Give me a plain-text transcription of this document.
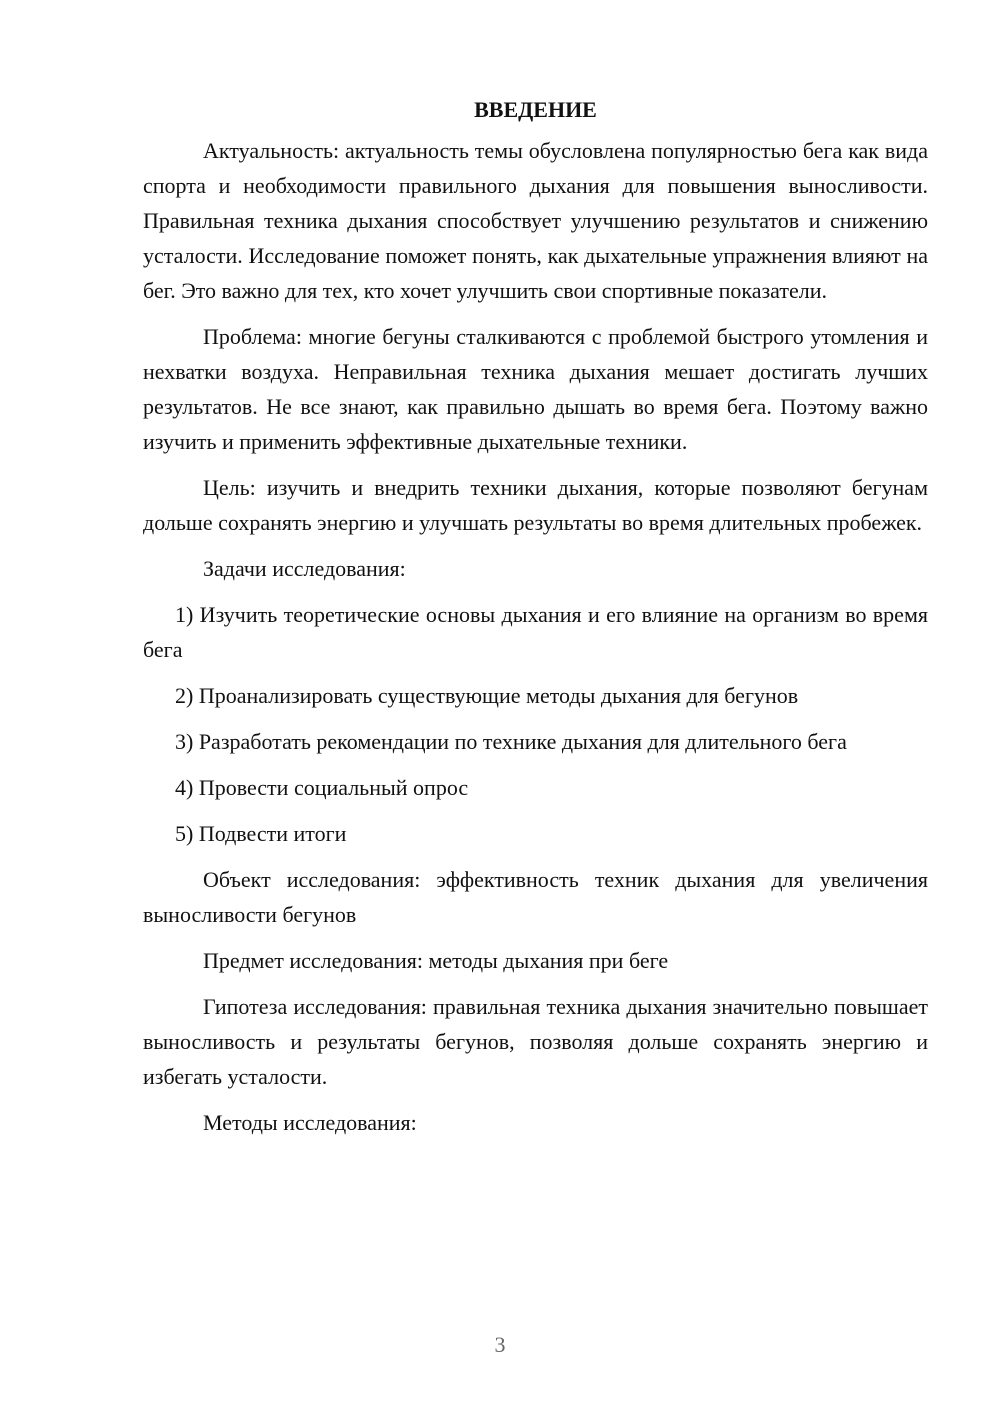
ВВЕДЕНИЕ

Актуальность: актуальность темы обусловлена популярностью бега как вида спорта и необходимости правильного дыхания для повышения выносливости. Правильная техника дыхания способствует улучшению результатов и снижению усталости. Исследование поможет понять, как дыхательные упражнения влияют на бег. Это важно для тех, кто хочет улучшить свои спортивные показатели.

Проблема: многие бегуны сталкиваются с проблемой быстрого утомления и нехватки воздуха. Неправильная техника дыхания мешает достигать лучших результатов. Не все знают, как правильно дышать во время бега. Поэтому важно изучить и применить эффективные дыхательные техники.

Цель: изучить и внедрить техники дыхания, которые позволяют бегунам дольше сохранять энергию и улучшать результаты во время длительных пробежек.

Задачи исследования:

1) Изучить теоретические основы дыхания и его влияние на организм во время бега

2) Проанализировать существующие методы дыхания для бегунов

3) Разработать рекомендации по технике дыхания для длительного бега

4) Провести социальный опрос

5) Подвести итоги

Объект исследования: эффективность техник дыхания для увеличения выносливости бегунов

Предмет исследования: методы дыхания при беге

Гипотеза исследования: правильная техника дыхания значительно повышает выносливость и результаты бегунов, позволяя дольше сохранять энергию и избегать усталости.

Методы исследования:

3
